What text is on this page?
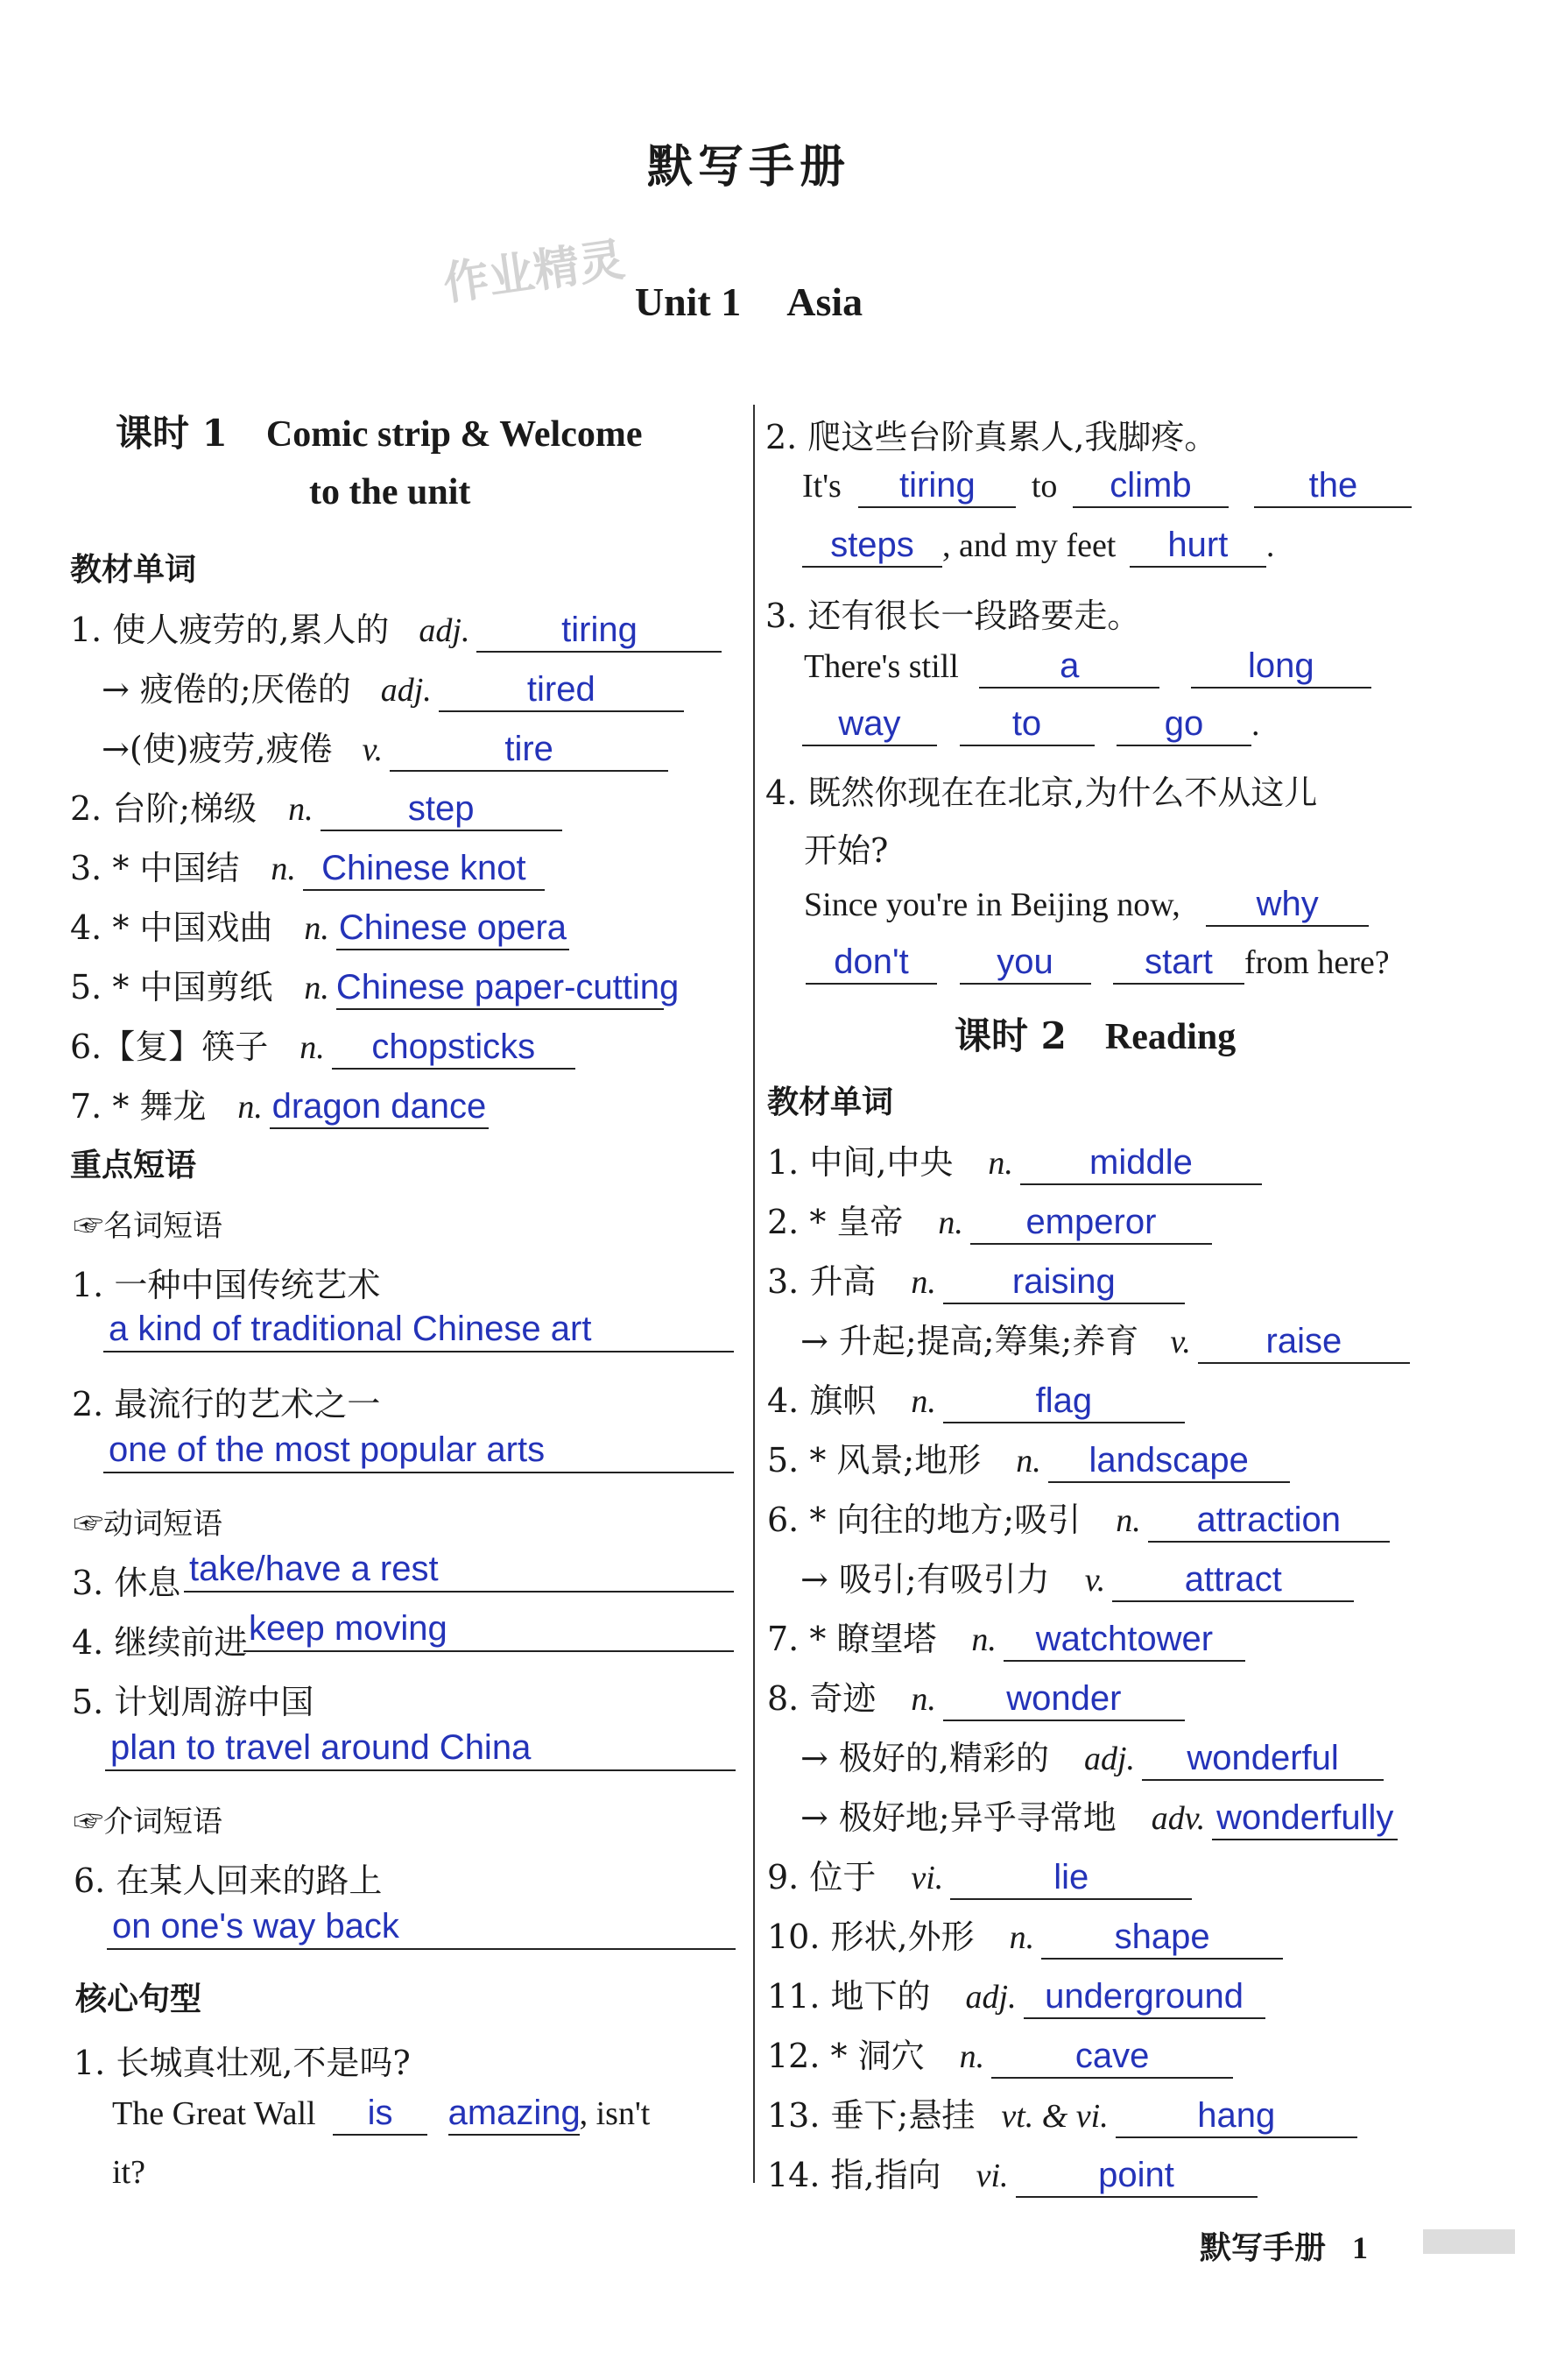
默写手册
作业精灵 Unit 1 Asia
课时 1 Comic strip & Welcome
to the unit
教材单词
1. 使人疲劳的,累人的 adj.	tiring
→ 疲倦的;厌倦的 adj.	tired
→(使)疲劳,疲倦 v.	tire
2. 台阶;梯级 n.	step
3. * 中国结 n. Chinese knot
4. * 中国戏曲 n. Chinese opera
5. * 中国剪纸 n. Chinese paper-cutting
6.【复】筷子 n. chopsticks
7. * 舞龙 n. dragon dance
重点短语
☞名词短语
1. 一种中国传统艺术
a kind of traditional Chinese art
2. 最流行的艺术之一
one of the most popular arts
☞动词短语
3. 休息 take/have a rest
4. 继续前进 keep moving
5. 计划周游中国
plan to travel around China
☞介词短语
6. 在某人回来的路上
on one's way back
核心句型
1. 长城真壮观,不是吗?
The Great Wall is amazing, isn't
it?
2. 爬这些台阶真累人,我脚疼。
It's tiring to climb	the
steps , and my feet hurt .
3. 还有很长一段路要走。
There's still	a	long
way	to	go .
4. 既然你现在在北京,为什么不从这儿
开始?
Since you're in Beijing now, why
don't	you	start from here?
课时 2 Reading
教材单词
1. 中间,中央 n. middle
2. * 皇帝 n. emperor
3. 升高 n. raising
→ 升起;提高;筹集;养育 v. raise
4. 旗帜 n.	flag
5. * 风景;地形 n. landscape
6. * 向往的地方;吸引 n. attraction
→ 吸引;有吸引力 v. attract
7. * 瞭望塔 n. watchtower
8. 奇迹 n. wonder
→ 极好的,精彩的 adj. wonderful
→ 极好地;异乎寻常地 adv. wonderfully
9. 位于 vi.	lie
10. 形状,外形 n. shape
11. 地下的 adj. underground
12. * 洞穴 n.	cave
13. 垂下;悬挂 vt. & vi.	hang
14. 指,指向 vi.	point
默写手册 1
